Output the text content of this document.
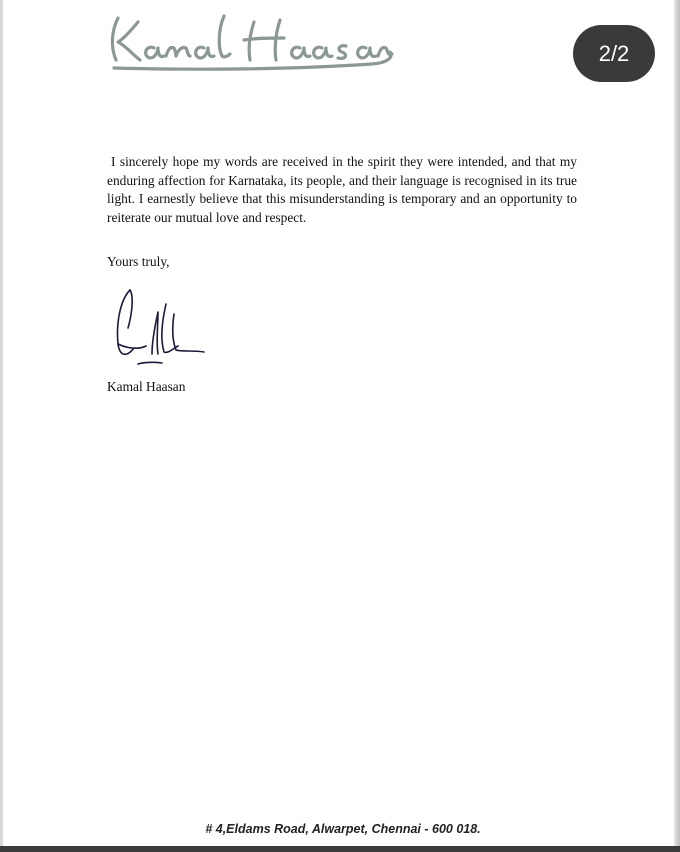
2/2

I sincerely hope my words are received in the spirit they were intended, and that my enduring affection for Karnataka, its people, and their language is recognised in its true light. I earnestly believe that this misunderstanding is temporary and an opportunity to reiterate our mutual love and respect.

Yours truly,
Kamal Haasan
# 4,Eldams Road, Alwarpet, Chennai - 600 018.
